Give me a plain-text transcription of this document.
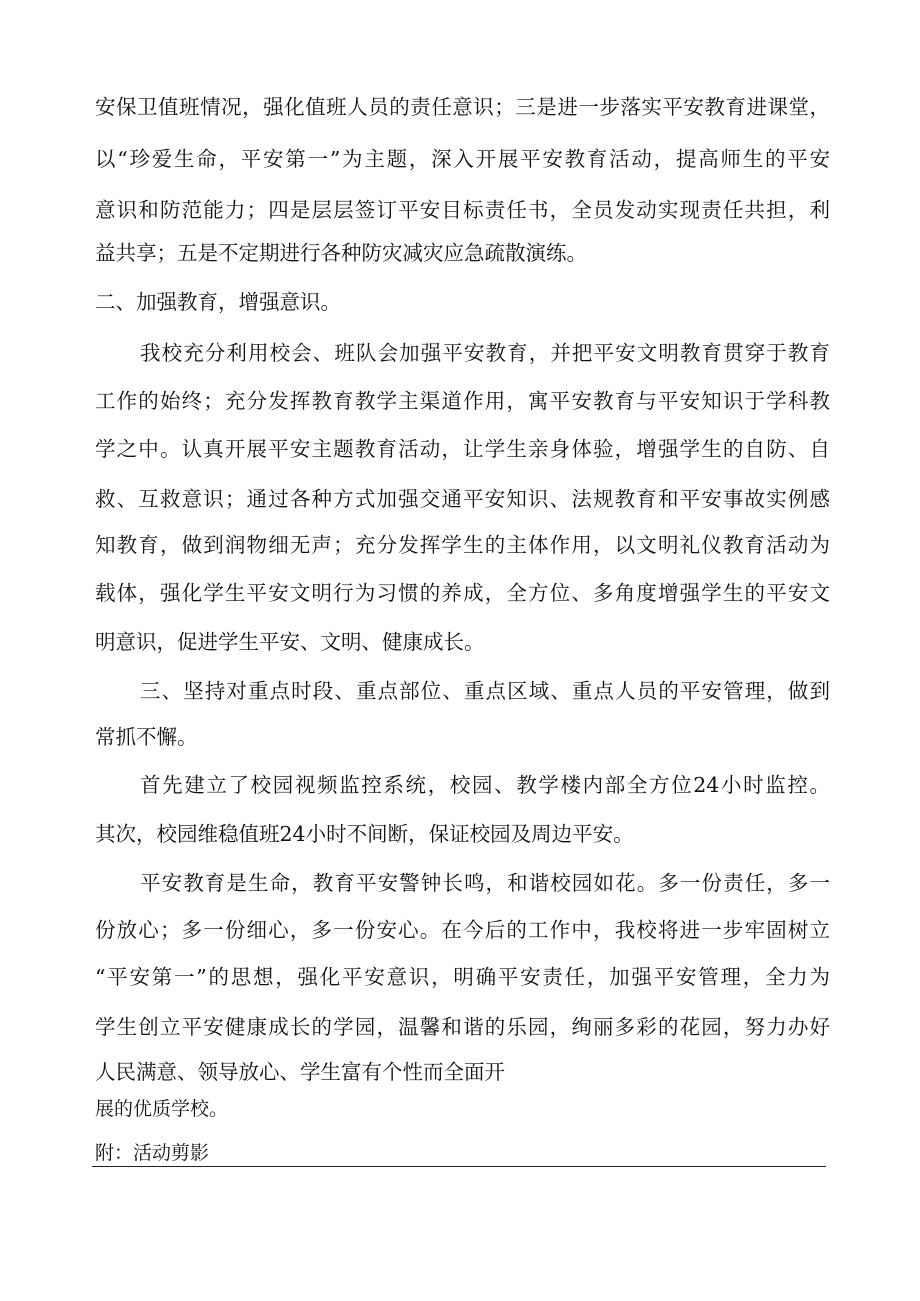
安保卫值班情况，强化值班人员的责任意识；三是进一步落实平安教育进课堂，
以“珍爱生命，平安第一”为主题，深入开展平安教育活动，提高师生的平安
意识和防范能力；四是层层签订平安目标责任书，全员发动实现责任共担，利
益共享；五是不定期进行各种防灾减灾应急疏散演练。
二、加强教育，增强意识。
我校充分利用校会、班队会加强平安教育，并把平安文明教育贯穿于教育
工作的始终；充分发挥教育教学主渠道作用，寓平安教育与平安知识于学科教
学之中。认真开展平安主题教育活动，让学生亲身体验，增强学生的自防、自
救、互救意识；通过各种方式加强交通平安知识、法规教育和平安事故实例感
知教育，做到润物细无声；充分发挥学生的主体作用，以文明礼仪教育活动为
载体，强化学生平安文明行为习惯的养成，全方位、多角度增强学生的平安文
明意识，促进学生平安、文明、健康成长。
三、坚持对重点时段、重点部位、重点区域、重点人员的平安管理，做到
常抓不懈。
首先建立了校园视频监控系统，校园、教学楼内部全方位24小时监控。
其次，校园维稳值班24小时不间断，保证校园及周边平安。
平安教育是生命，教育平安警钟长鸣，和谐校园如花。多一份责任，多一
份放心；多一份细心，多一份安心。在今后的工作中，我校将进一步牢固树立
“平安第一”的思想，强化平安意识，明确平安责任，加强平安管理，全力为
学生创立平安健康成长的学园，温馨和谐的乐园，绚丽多彩的花园，努力办好
人民满意、领导放心、学生富有个性而全面开
展的优质学校。
附：活动剪影
